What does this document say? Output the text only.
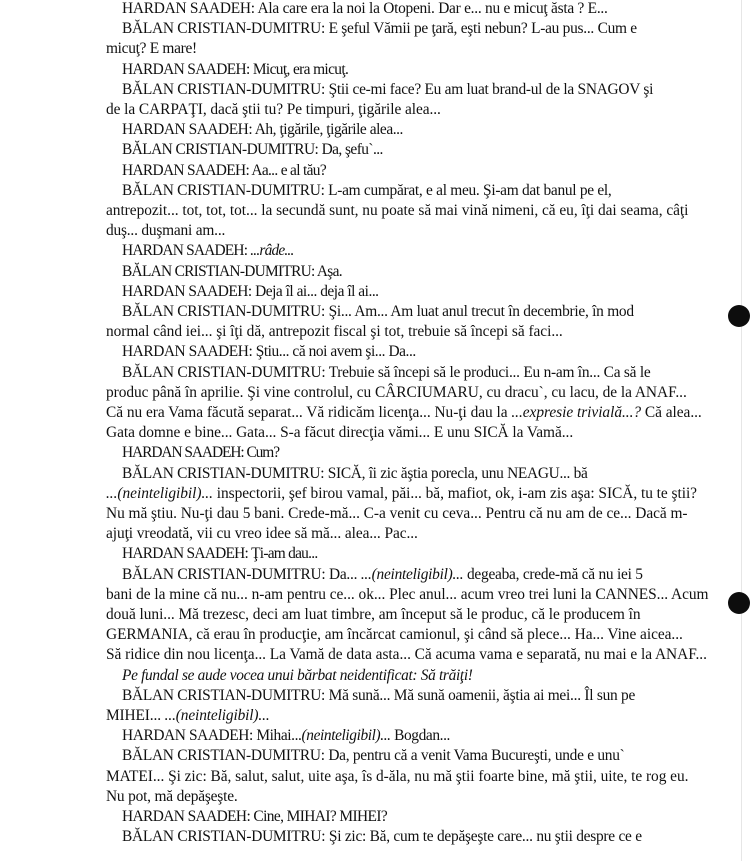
HARDAN SAADEH: Ala care era la noi la Otopeni. Dar e... nu e micuţ ăsta ? E...
BĂLAN CRISTIAN-DUMITRU: E şeful Vămii pe ţară, eşti nebun? L-au pus... Cum e
micuţ? E mare!
HARDAN SAADEH: Micuţ, era micuţ.
BĂLAN CRISTIAN-DUMITRU: Ştii ce-mi face? Eu am luat brand-ul de la SNAGOV şi
de la CARPAŢI, dacă ştii tu? Pe timpuri, ţigările alea...
HARDAN SAADEH: Ah, ţigările, ţigările alea...
BĂLAN CRISTIAN-DUMITRU: Da, şefu`...
HARDAN SAADEH: Aa... e al tău?
BĂLAN CRISTIAN-DUMITRU: L-am cumpărat, e al meu. Şi-am dat banul pe el,
antrepozit... tot, tot, tot... la secundă sunt, nu poate să mai vină nimeni, că eu, îţi dai seama, câţi
duş... duşmani am...
HARDAN SAADEH: ...râde...
BĂLAN CRISTIAN-DUMITRU: Aşa.
HARDAN SAADEH: Deja îl ai... deja îl ai...
BĂLAN CRISTIAN-DUMITRU: Şi... Am... Am luat anul trecut în decembrie, în mod
normal când iei... şi îţi dă, antrepozit fiscal şi tot, trebuie să începi să faci...
HARDAN SAADEH: Ştiu... că noi avem şi... Da...
BĂLAN CRISTIAN-DUMITRU: Trebuie să începi să le produci... Eu n-am în... Ca să le
produc până în aprilie. Şi vine controlul, cu CÂRCIUMARU, cu dracu`, cu lacu, de la ANAF...
Că nu era Vama făcută separat... Vă ridicăm licenţa... Nu-ţi dau la ...expresie trivială...? Că alea...
Gata domne e bine... Gata... S-a făcut direcţia vămi... E unu SICĂ la Vamă...
HARDAN SAADEH: Cum?
BĂLAN CRISTIAN-DUMITRU: SICĂ, îi zic ăştia porecla, unu NEAGU... bă
...(neinteligibil)... inspectorii, şef birou vamal, păi... bă, mafiot, ok, i-am zis aşa: SICĂ, tu te ştii?
Nu mă ştiu. Nu-ţi dau 5 bani. Crede-mă... C-a venit cu ceva... Pentru că nu am de ce... Dacă m-
ajuţi vreodată, vii cu vreo idee să mă... alea... Pac...
HARDAN SAADEH: Ţi-am dau...
BĂLAN CRISTIAN-DUMITRU: Da... ...(neinteligibil)... degeaba, crede-mă că nu iei 5
bani de la mine că nu... n-am pentru ce... ok... Plec anul... acum vreo trei luni la CANNES... Acum
două luni... Mă trezesc, deci am luat timbre, am început să le produc, că le producem în
GERMANIA, că erau în producţie, am încărcat camionul, şi când să plece... Ha... Vine aicea...
Să ridice din nou licenţa... La Vamă de data asta... Că acuma vama e separată, nu mai e la ANAF...
Pe fundal se aude vocea unui bărbat neidentificat: Să trăiţi!
BĂLAN CRISTIAN-DUMITRU: Mă sună... Mă sună oamenii, ăştia ai mei... Îl sun pe
MIHEI... ...(neinteligibil)...
HARDAN SAADEH: Mihai...(neinteligibil)... Bogdan...
BĂLAN CRISTIAN-DUMITRU: Da, pentru că a venit Vama Bucureşti, unde e unu`
MATEI... Şi zic: Bă, salut, salut, uite aşa, îs d-ăla, nu mă ştii foarte bine, mă ştii, uite, te rog eu.
Nu pot, mă depăşeşte.
HARDAN SAADEH: Cine, MIHAI? MIHEI?
BĂLAN CRISTIAN-DUMITRU: Şi zic: Bă, cum te depăşeşte care... nu ştii despre ce e
